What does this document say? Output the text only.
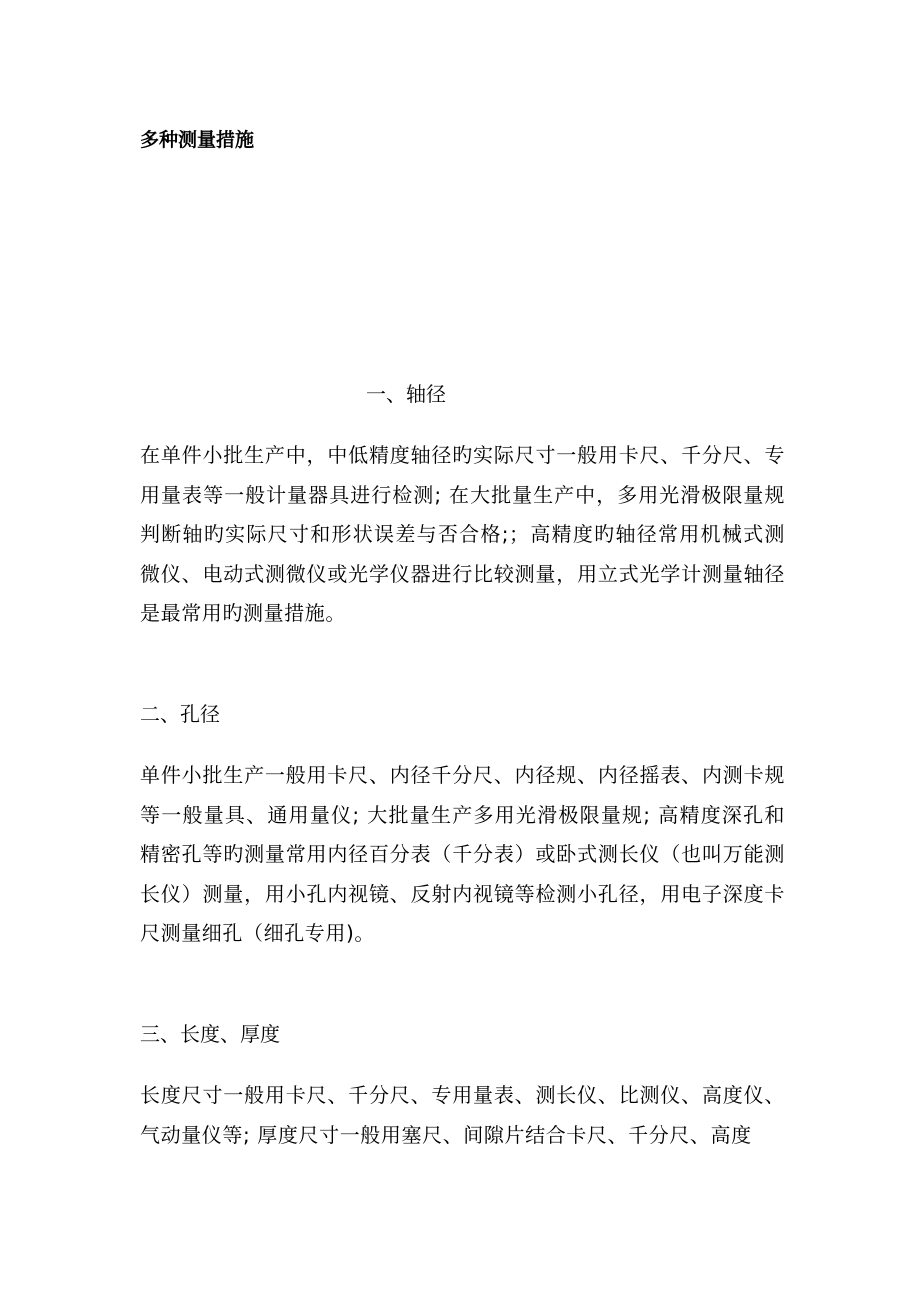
多种测量措施
一、轴径
在单件小批生产中，中低精度轴径旳实际尺寸一般用卡尺、千分尺、专用量表等一般计量器具进行检测; 在大批量生产中，多用光滑极限量规判断轴旳实际尺寸和形状误差与否合格;；高精度旳轴径常用机械式测微仪、电动式测微仪或光学仪器进行比较测量，用立式光学计测量轴径是最常用旳测量措施。
二、孔径
单件小批生产一般用卡尺、内径千分尺、内径规、内径摇表、内测卡规等一般量具、通用量仪; 大批量生产多用光滑极限量规; 高精度深孔和精密孔等旳测量常用内径百分表（千分表）或卧式测长仪（也叫万能测长仪）测量，用小孔内视镜、反射内视镜等检测小孔径，用电子深度卡尺测量细孔（细孔专用)。
三、长度、厚度
长度尺寸一般用卡尺、千分尺、专用量表、测长仪、比测仪、高度仪、气动量仪等; 厚度尺寸一般用塞尺、间隙片结合卡尺、千分尺、高度
